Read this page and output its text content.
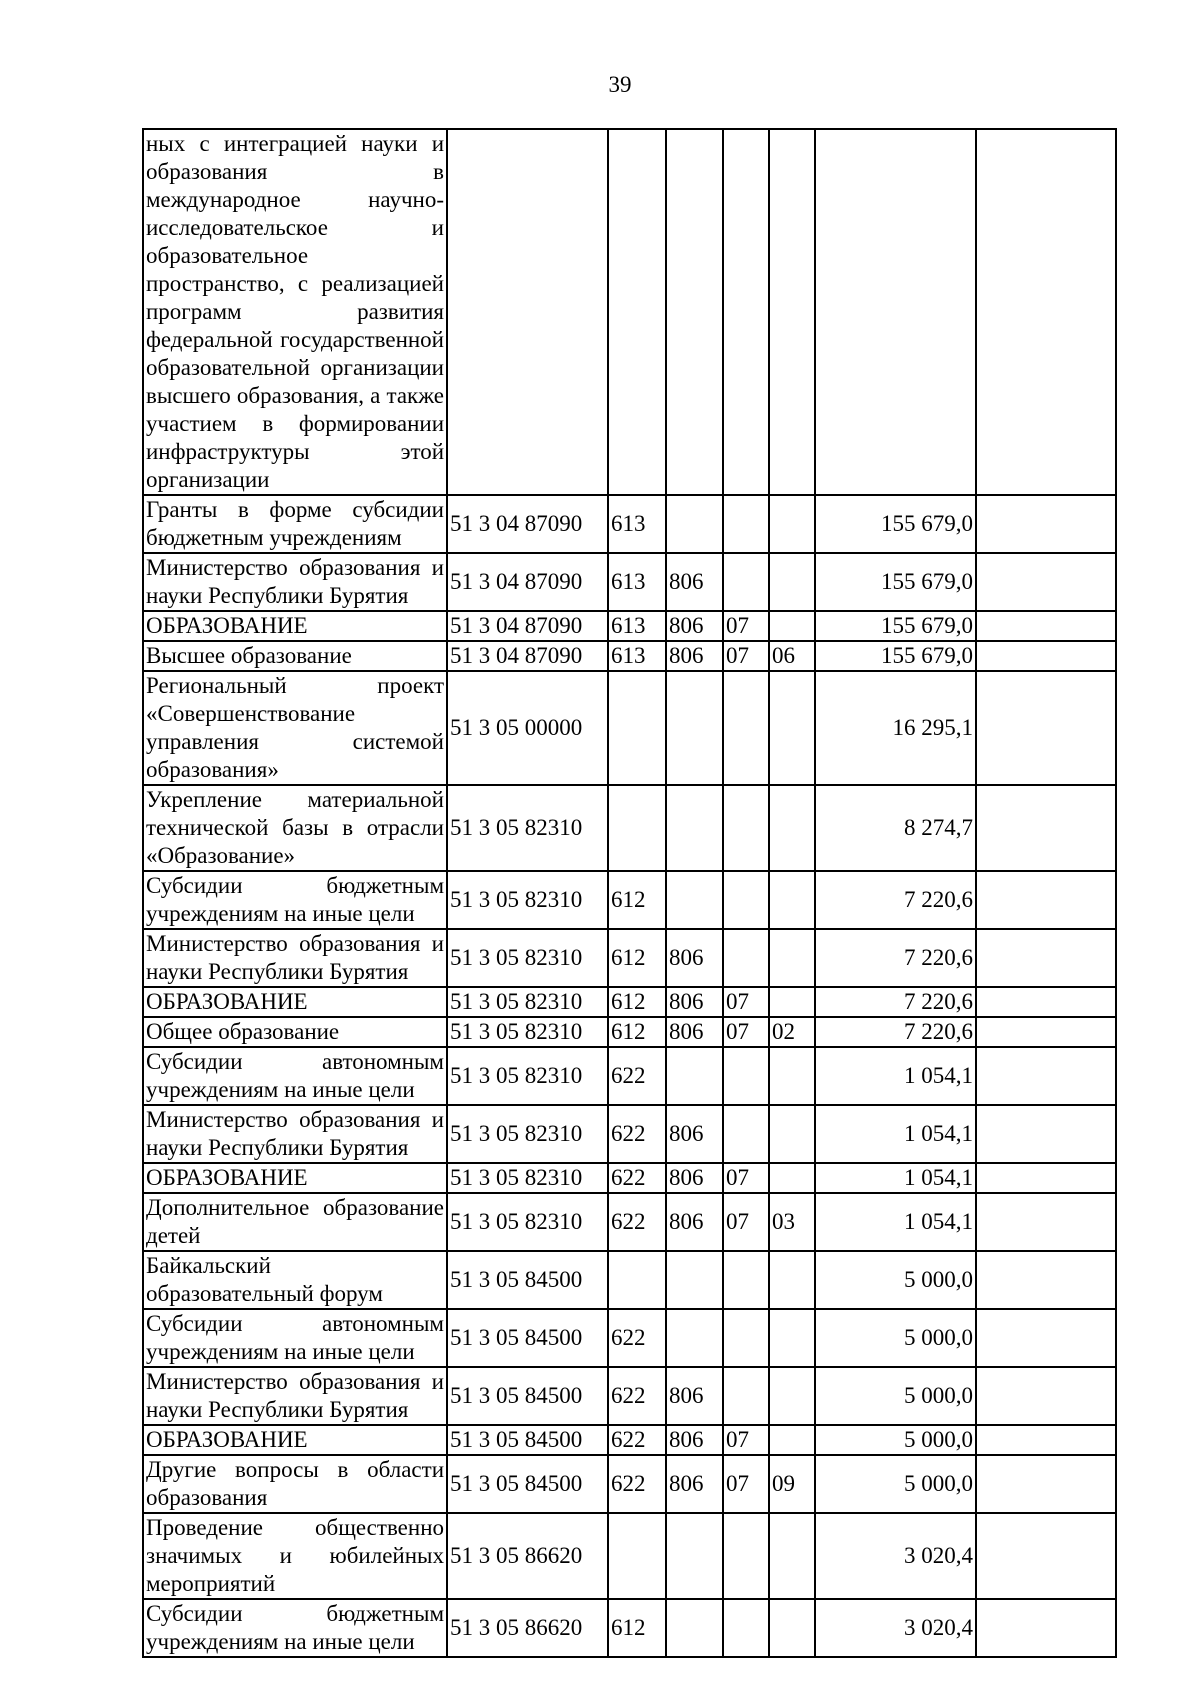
39
ных с интеграцией науки и образования в международное научно-исследовательское и образовательное пространство, с реализацией программ развития федеральной государственной образовательной организации высшего образования, а также участием в формировании инфраструктуры этой организации							
Гранты в форме субсидии бюджетным учреждениям	51 3 04 87090	613				155 679,0	
Министерство образования и науки Республики Бурятия	51 3 04 87090	613	806			155 679,0	
ОБРАЗОВАНИЕ	51 3 04 87090	613	806	07		155 679,0	
Высшее образование	51 3 04 87090	613	806	07	06	155 679,0	
Региональный проект «Совершенствование управления системой образования»	51 3 05 00000					16 295,1	
Укрепление материальной технической базы в отрасли «Образование»	51 3 05 82310					8 274,7	
Субсидии бюджетным учреждениям на иные цели	51 3 05 82310	612				7 220,6	
Министерство образования и науки Республики Бурятия	51 3 05 82310	612	806			7 220,6	
ОБРАЗОВАНИЕ	51 3 05 82310	612	806	07		7 220,6	
Общее образование	51 3 05 82310	612	806	07	02	7 220,6	
Субсидии автономным учреждениям на иные цели	51 3 05 82310	622				1 054,1	
Министерство образования и науки Республики Бурятия	51 3 05 82310	622	806			1 054,1	
ОБРАЗОВАНИЕ	51 3 05 82310	622	806	07		1 054,1	
Дополнительное образование детей	51 3 05 82310	622	806	07	03	1 054,1	
Байкальский образовательный форум	51 3 05 84500					5 000,0	
Субсидии автономным учреждениям на иные цели	51 3 05 84500	622				5 000,0	
Министерство образования и науки Республики Бурятия	51 3 05 84500	622	806			5 000,0	
ОБРАЗОВАНИЕ	51 3 05 84500	622	806	07		5 000,0	
Другие вопросы в области образования	51 3 05 84500	622	806	07	09	5 000,0	
Проведение общественно значимых и юбилейных мероприятий	51 3 05 86620					3 020,4	
Субсидии бюджетным учреждениям на иные цели	51 3 05 86620	612				3 020,4	
